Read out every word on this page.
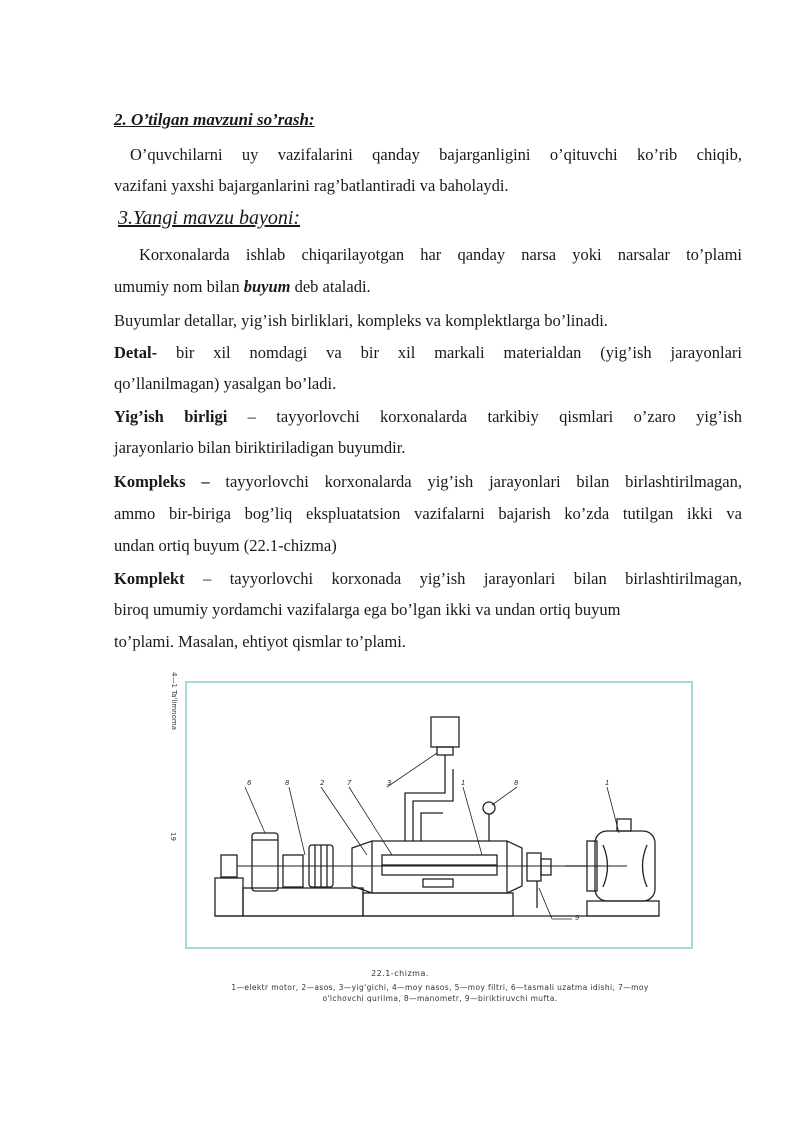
2. O’tilgan mavzuni so’rash:
O’quvchilarni uy vazifalarini qanday bajarganligini o’qituvchi ko’rib chiqib,
vazifani yaxshi bajarganlarini rag’batlantiradi va baholaydi.
3.Yangi mavzu bayoni:
Korxonalarda ishlab chiqarilayotgan har qanday narsa yoki narsalar to’plami
umumiy nom bilan buyum deb ataladi.
Buyumlar detallar, yig’ish birliklari, kompleks va komplektlarga bo’linadi.
Detal- bir xil nomdagi va bir xil markali materialdan (yig’ish jarayonlari
qo’llanilmagan) yasalgan bo’ladi.
Yig’ish birligi – tayyorlovchi korxonalarda tarkibiy qismlari o’zaro yig’ish
jarayonlario bilan biriktiriladigan buyumdir.
Kompleks – tayyorlovchi korxonalarda yig’ish jarayonlari bilan birlashtirilmagan,
ammo bir-biriga bog’liq ekspluatatsion vazifalarni bajarish ko’zda tutilgan ikki va
undan ortiq buyum (22.1-chizma)
Komplekt – tayyorlovchi korxonada yig’ish jarayonlari bilan birlashtirilmagan,
biroq umumiy yordamchi vazifalarga ega bo’lgan ikki va undan ortiq buyum
to’plami. Masalan, ehtiyot qismlar to’plami.
4—1 Ta'limnoma
19
6	8	2	7	3	1	8	1
9
22.1-chizma.
1—elektr motor, 2—asos, 3—yig'gichi, 4—moy nasos, 5—moy filtri, 6—tasmali uzatma idishi, 7—moy
o'lchovchi qurilma, 8—manometr, 9—biriktiruvchi mufta.
